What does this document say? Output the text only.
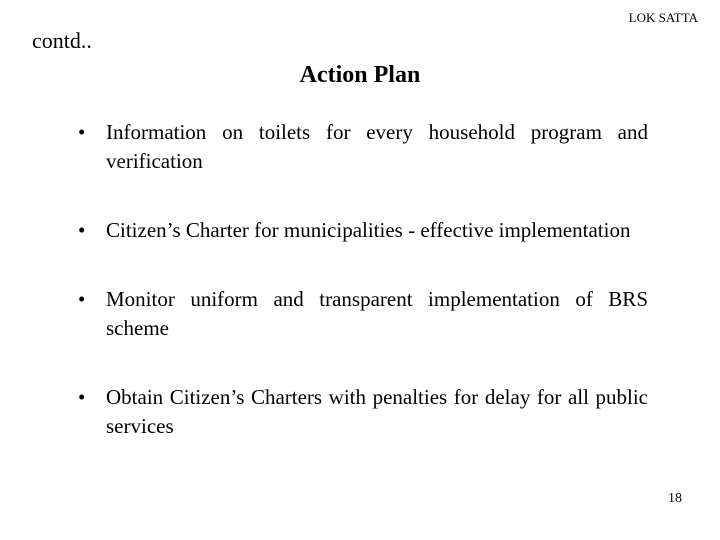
contd..
LOK SATTA
Action Plan
• Information on toilets for every household program and verification
• Citizen’s Charter for municipalities - effective implementation
• Monitor uniform and transparent implementation of BRS scheme
• Obtain Citizen’s Charters with penalties for delay for all public services
18
